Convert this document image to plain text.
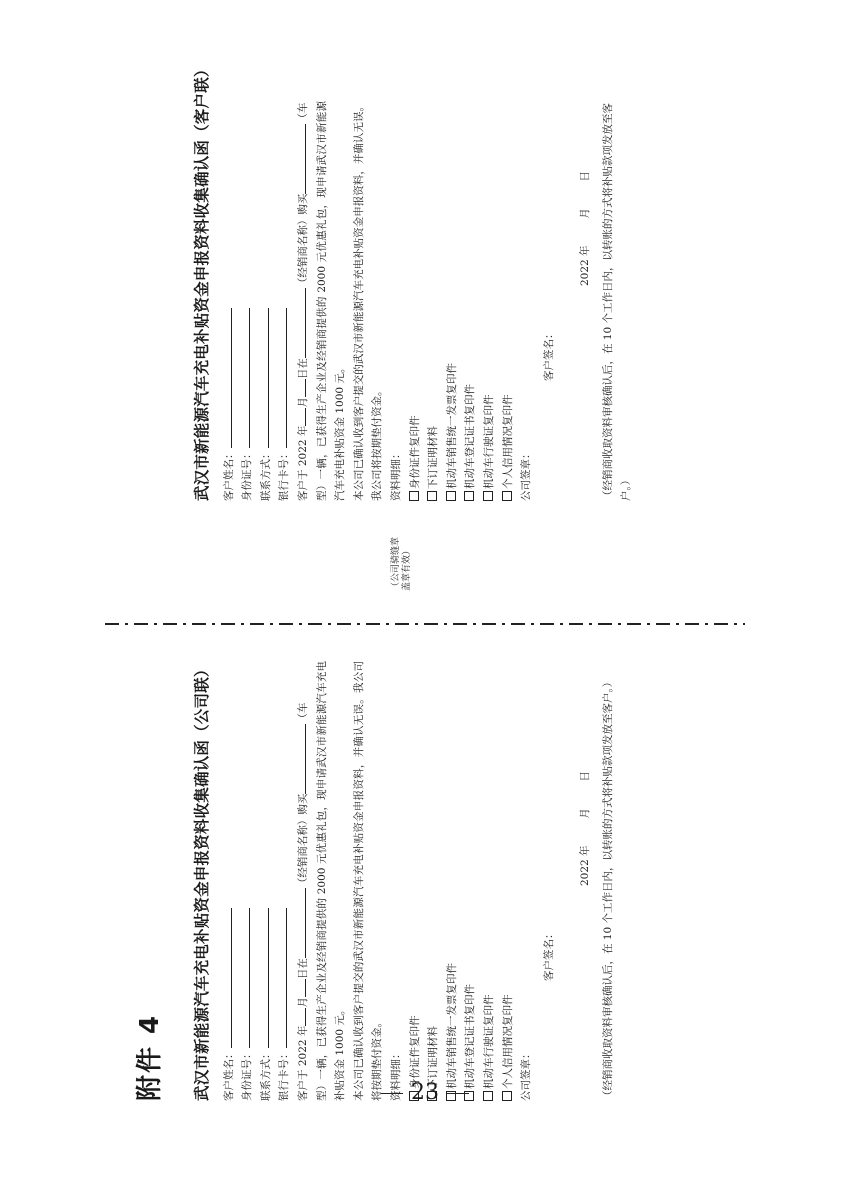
附件 4 武汉市新能源汽车充电补贴资金申报资料收集确认函（公司联） 客户姓名： 身份证号： 联系方式： 银行卡号： 客户于 2022 年月日在（经销商名称）购买（车 型）一辆，已获得生产企业及经销商提供的 2000 元优惠礼包，现申请武汉市新能源汽车充电补贴资金 1000 元。 本公司已确认收到客户提交的武汉市新能源汽车充电补贴资金申报资料，并确认无误。我公司将按期垫付资金。 资料明细： 身份证件复印件 下订证明材料 机动车销售统一发票复印件 机动车登记证书复印件 机动车行驶证复印件 个人信用情况复印件 公司签章：
客户签名：
2022 年        月        日	（经销商收取资料审核确认后，在 10 个工作日内，以转账的方式将补贴款项发放至客户。）
（公司骑缝章盖章有效）
武汉市新能源汽车充电补贴资金申报资料收集确认函（客户联） 客户姓名： 身份证号： 联系方式： 银行卡号： 客户于 2022 年月日在（经销商名称）购买（车 型）一辆，已获得生产企业及经销商提供的 2000 元优惠礼包，现申请武汉市新能源汽车充电补贴资金 1000 元。 本公司已确认收到客户提交的武汉市新能源汽车充电补贴资金申报资料，并确认无误。我公司将按期垫付资金。 资料明细： 身份证件复印件 下订证明材料 机动车销售统一发票复印件 机动车登记证书复印件 机动车行驶证复印件 个人信用情况复印件 公司签章：
客户签名：
2022 年        月        日	（经销商收取资料审核确认后，在 10 个工作日内，以转账的方式将补贴款项发放至客户。）
23
